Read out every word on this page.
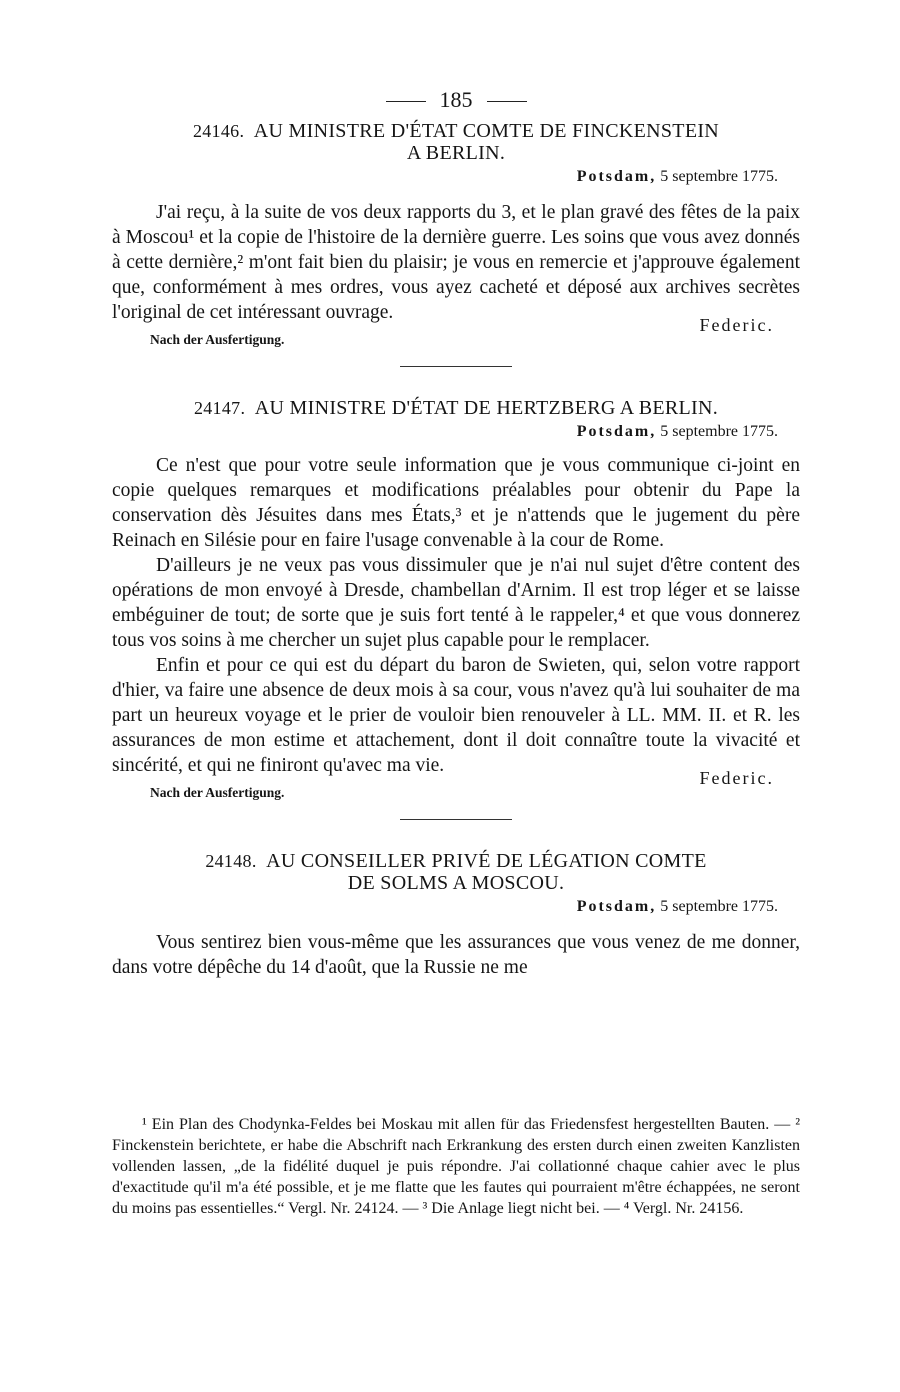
185
24146. AU MINISTRE D'ÉTAT COMTE DE FINCKENSTEIN
A BERLIN.
Potsdam, 5 septembre 1775.

J'ai reçu, à la suite de vos deux rapports du 3, et le plan gravé des fêtes de la paix à Moscou¹ et la copie de l'histoire de la dernière guerre. Les soins que vous avez donnés à cette dernière,² m'ont fait bien du plaisir; je vous en remercie et j'approuve également que, conformément à mes ordres, vous ayez cacheté et déposé aux archives secrètes l'original de cet intéressant ouvrage.

Federic.
Nach der Ausfertigung.
24147. AU MINISTRE D'ÉTAT DE HERTZBERG A BERLIN.
Potsdam, 5 septembre 1775.

Ce n'est que pour votre seule information que je vous communique ci-joint en copie quelques remarques et modifications préalables pour obtenir du Pape la conservation dès Jésuites dans mes États,³ et je n'attends que le jugement du père Reinach en Silésie pour en faire l'usage convenable à la cour de Rome.

D'ailleurs je ne veux pas vous dissimuler que je n'ai nul sujet d'être content des opérations de mon envoyé à Dresde, chambellan d'Arnim. Il est trop léger et se laisse embéguiner de tout; de sorte que je suis fort tenté à le rappeler,⁴ et que vous donnerez tous vos soins à me chercher un sujet plus capable pour le remplacer.

Enfin et pour ce qui est du départ du baron de Swieten, qui, selon votre rapport d'hier, va faire une absence de deux mois à sa cour, vous n'avez qu'à lui souhaiter de ma part un heureux voyage et le prier de vouloir bien renouveler à LL. MM. II. et R. les assurances de mon estime et attachement, dont il doit connaître toute la vivacité et sincérité, et qui ne finiront qu'avec ma vie.

Federic.
Nach der Ausfertigung.
24148. AU CONSEILLER PRIVÉ DE LÉGATION COMTE
DE SOLMS A MOSCOU.
Potsdam, 5 septembre 1775.

Vous sentirez bien vous-même que les assurances que vous venez de me donner, dans votre dépêche du 14 d'août, que la Russie ne me

¹ Ein Plan des Chodynka-Feldes bei Moskau mit allen für das Friedensfest hergestellten Bauten. — ² Finckenstein berichtete, er habe die Abschrift nach Erkrankung des ersten durch einen zweiten Kanzlisten vollenden lassen, „de la fidélité duquel je puis répondre. J'ai collationné chaque cahier avec le plus d'exactitude qu'il m'a été possible, et je me flatte que les fautes qui pourraient m'être échappées, ne seront du moins pas essentielles.“ Vergl. Nr. 24124. — ³ Die Anlage liegt nicht bei. — ⁴ Vergl. Nr. 24156.
